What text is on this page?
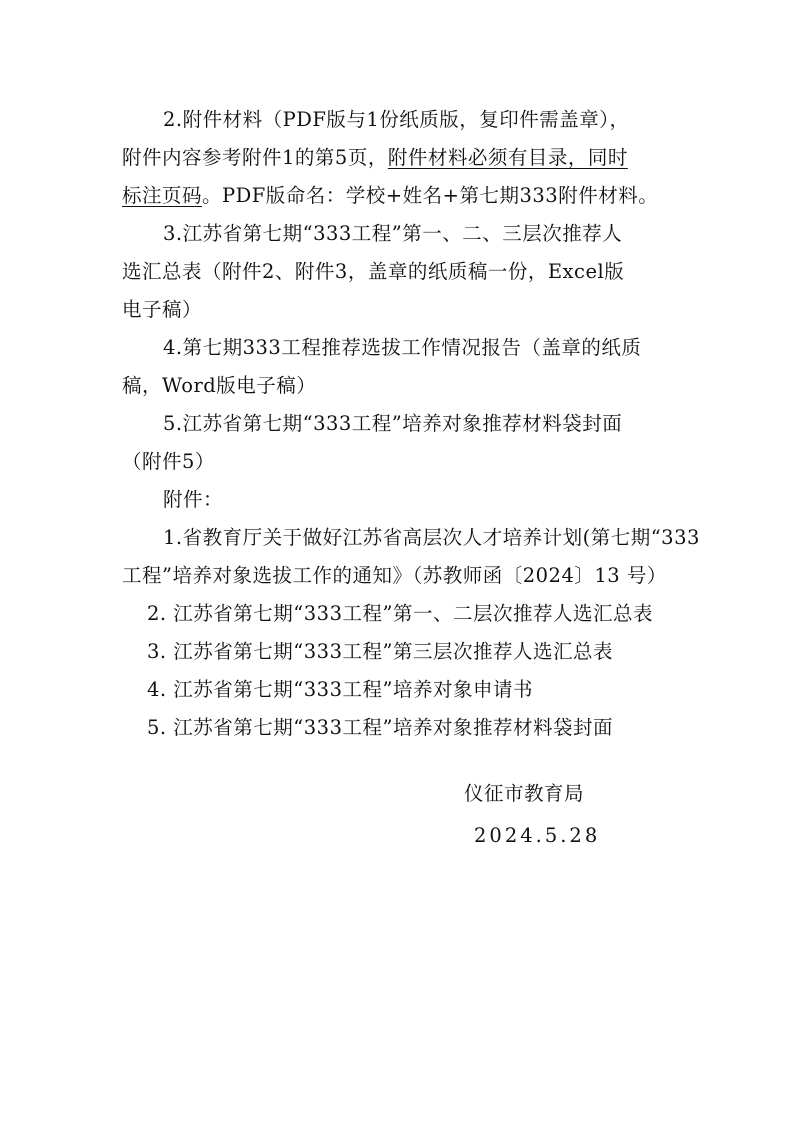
2.附件材料（PDF版与1份纸质版，复印件需盖章），
附件内容参考附件1的第5页，附件材料必须有目录，同时
标注页码。PDF版命名：学校+姓名+第七期333附件材料。
3.江苏省第七期“333工程”第一、二、三层次推荐人
选汇总表（附件2、附件3，盖章的纸质稿一份，Excel版
电子稿）
4.第七期333工程推荐选拔工作情况报告（盖章的纸质
稿，Word版电子稿）
5.江苏省第七期“333工程”培养对象推荐材料袋封面
（附件5）
附件：
1.省教育厅关于做好江苏省高层次人才培养计划(第七期“333
工程”培养对象选拔工作的通知》（苏教师函〔2024〕13 号）
2. 江苏省第七期“333工程”第一、二层次推荐人选汇总表
3. 江苏省第七期“333工程”第三层次推荐人选汇总表
4. 江苏省第七期“333工程”培养对象申请书
5. 江苏省第七期“333工程”培养对象推荐材料袋封面
仪征市教育局
2024.5.28
